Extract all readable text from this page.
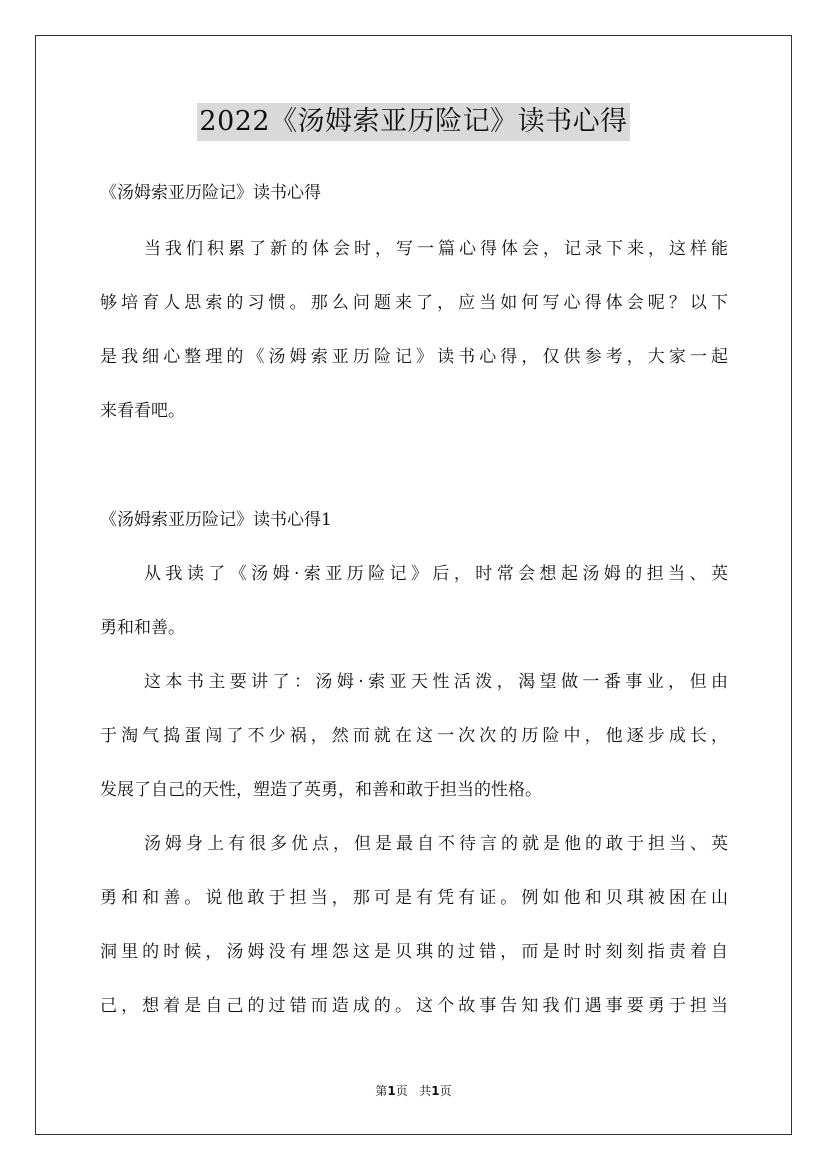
2022《汤姆索亚历险记》读书心得
《汤姆索亚历险记》读书心得
当我们积累了新的体会时，写一篇心得体会，记录下来，这样能
够培育人思索的习惯。那么问题来了，应当如何写心得体会呢？以下
是我细心整理的《汤姆索亚历险记》读书心得，仅供参考，大家一起
来看看吧。
《汤姆索亚历险记》读书心得1
从我读了《汤姆·索亚历险记》后，时常会想起汤姆的担当、英
勇和和善。
这本书主要讲了：汤姆·索亚天性活泼，渴望做一番事业，但由
于淘气捣蛋闯了不少祸，然而就在这一次次的历险中，他逐步成长，
发展了自己的天性，塑造了英勇，和善和敢于担当的性格。
汤姆身上有很多优点，但是最自不待言的就是他的敢于担当、英
勇和和善。说他敢于担当，那可是有凭有证。例如他和贝琪被困在山
洞里的时候，汤姆没有埋怨这是贝琪的过错，而是时时刻刻指责着自
己，想着是自己的过错而造成的。这个故事告知我们遇事要勇于担当
第1页 共1页
